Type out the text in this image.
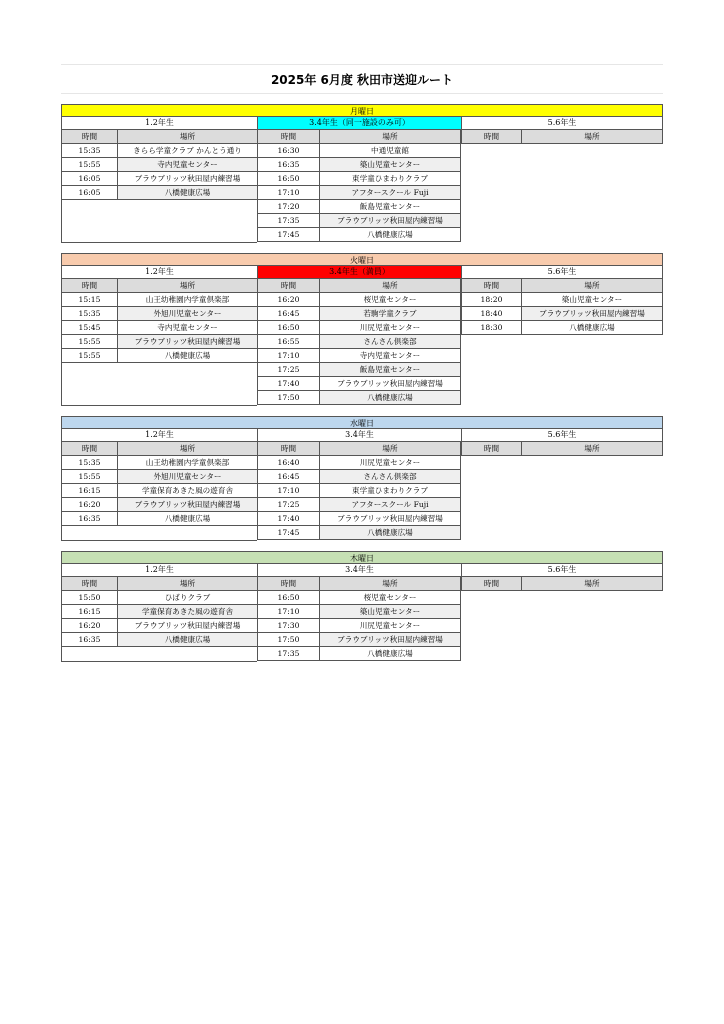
2025年 6月度 秋田市送迎ルート
月曜日
1.2年生	3.4年生（同一施設のみ可）	5.6年生
時間	場所
15:35	きらら学童クラブ かんとう通り
15:55	寺内児童センター
16:05	ブラウブリッツ秋田屋内練習場
16:05	八橋健康広場
時間	場所
16:30	中通児童館
16:35	築山児童センター
16:50	東学童ひまわりクラブ
17:10	アフタースクール Fuji
17:20	飯島児童センター
17:35	ブラウブリッツ秋田屋内練習場
17:45	八橋健康広場
時間	場所
火曜日
1.2年生	3.4年生（満員）	5.6年生
時間	場所
15:15	山王幼稚園内学童倶楽部
15:35	外旭川児童センター
15:45	寺内児童センター
15:55	ブラウブリッツ秋田屋内練習場
15:55	八橋健康広場
時間	場所
16:20	桜児童センター
16:45	若駒学童クラブ
16:50	川尻児童センター
16:55	さんさん倶楽部
17:10	寺内児童センター
17:25	飯島児童センター
17:40	ブラウブリッツ秋田屋内練習場
17:50	八橋健康広場
時間	場所
18:20	築山児童センター
18:40	ブラウブリッツ秋田屋内練習場
18:30	八橋健康広場
水曜日
1.2年生	3.4年生	5.6年生
時間	場所
15:35	山王幼稚園内学童倶楽部
15:55	外旭川児童センター
16:15	学童保育あきた風の遊育舎
16:20	ブラウブリッツ秋田屋内練習場
16:35	八橋健康広場
時間	場所
16:40	川尻児童センター
16:45	さんさん倶楽部
17:10	東学童ひまわりクラブ
17:25	アフタースクール Fuji
17:40	ブラウブリッツ秋田屋内練習場
17:45	八橋健康広場
時間	場所
木曜日
1.2年生	3.4年生	5.6年生
時間	場所
15:50	ひばりクラブ
16:15	学童保育あきた風の遊育舎
16:20	ブラウブリッツ秋田屋内練習場
16:35	八橋健康広場
時間	場所
16:50	桜児童センター
17:10	築山児童センター
17:30	川尻児童センター
17:50	ブラウブリッツ秋田屋内練習場
17:35	八橋健康広場
時間	場所
